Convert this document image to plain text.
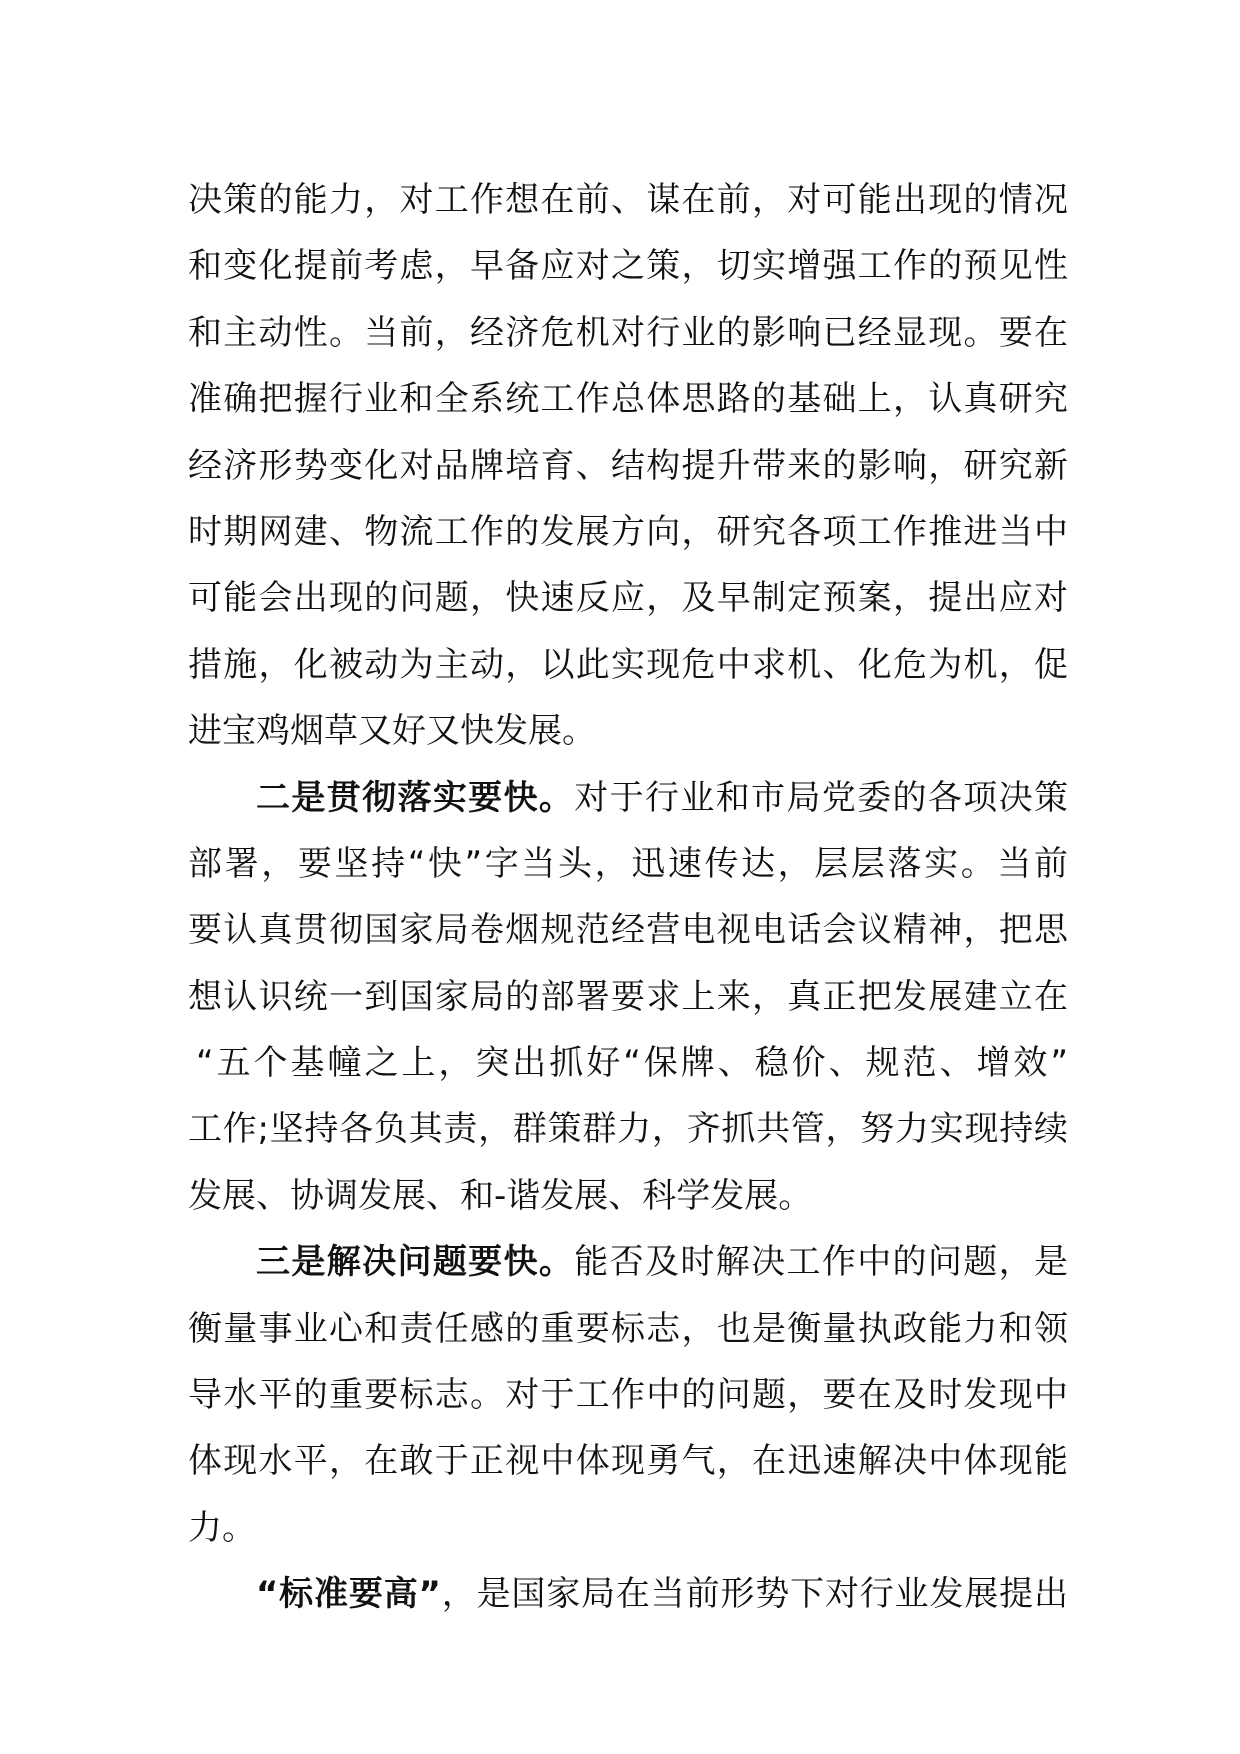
决策的能力，对工作想在前、谋在前，对可能出现的情况
和变化提前考虑，早备应对之策，切实增强工作的预见性
和主动性。当前，经济危机对行业的影响已经显现。要在
准确把握行业和全系统工作总体思路的基础上，认真研究
经济形势变化对品牌培育、结构提升带来的影响，研究新
时期网建、物流工作的发展方向，研究各项工作推进当中
可能会出现的问题，快速反应，及早制定预案，提出应对
措施，化被动为主动，以此实现危中求机、化危为机，促
进宝鸡烟草又好又快发展。
二是贯彻落实要快。对于行业和市局党委的各项决策
部署，要坚持“快”字当头，迅速传达，层层落实。当前
要认真贯彻国家局卷烟规范经营电视电话会议精神，把思
想认识统一到国家局的部署要求上来，真正把发展建立在
“五个基幢之上，突出抓好“保牌、稳价、规范、增效”
工作;坚持各负其责，群策群力，齐抓共管，努力实现持续
发展、协调发展、和-谐发展、科学发展。
三是解决问题要快。能否及时解决工作中的问题，是
衡量事业心和责任感的重要标志，也是衡量执政能力和领
导水平的重要标志。对于工作中的问题，要在及时发现中
体现水平，在敢于正视中体现勇气，在迅速解决中体现能
力。
“标准要高”，是国家局在当前形势下对行业发展提出
